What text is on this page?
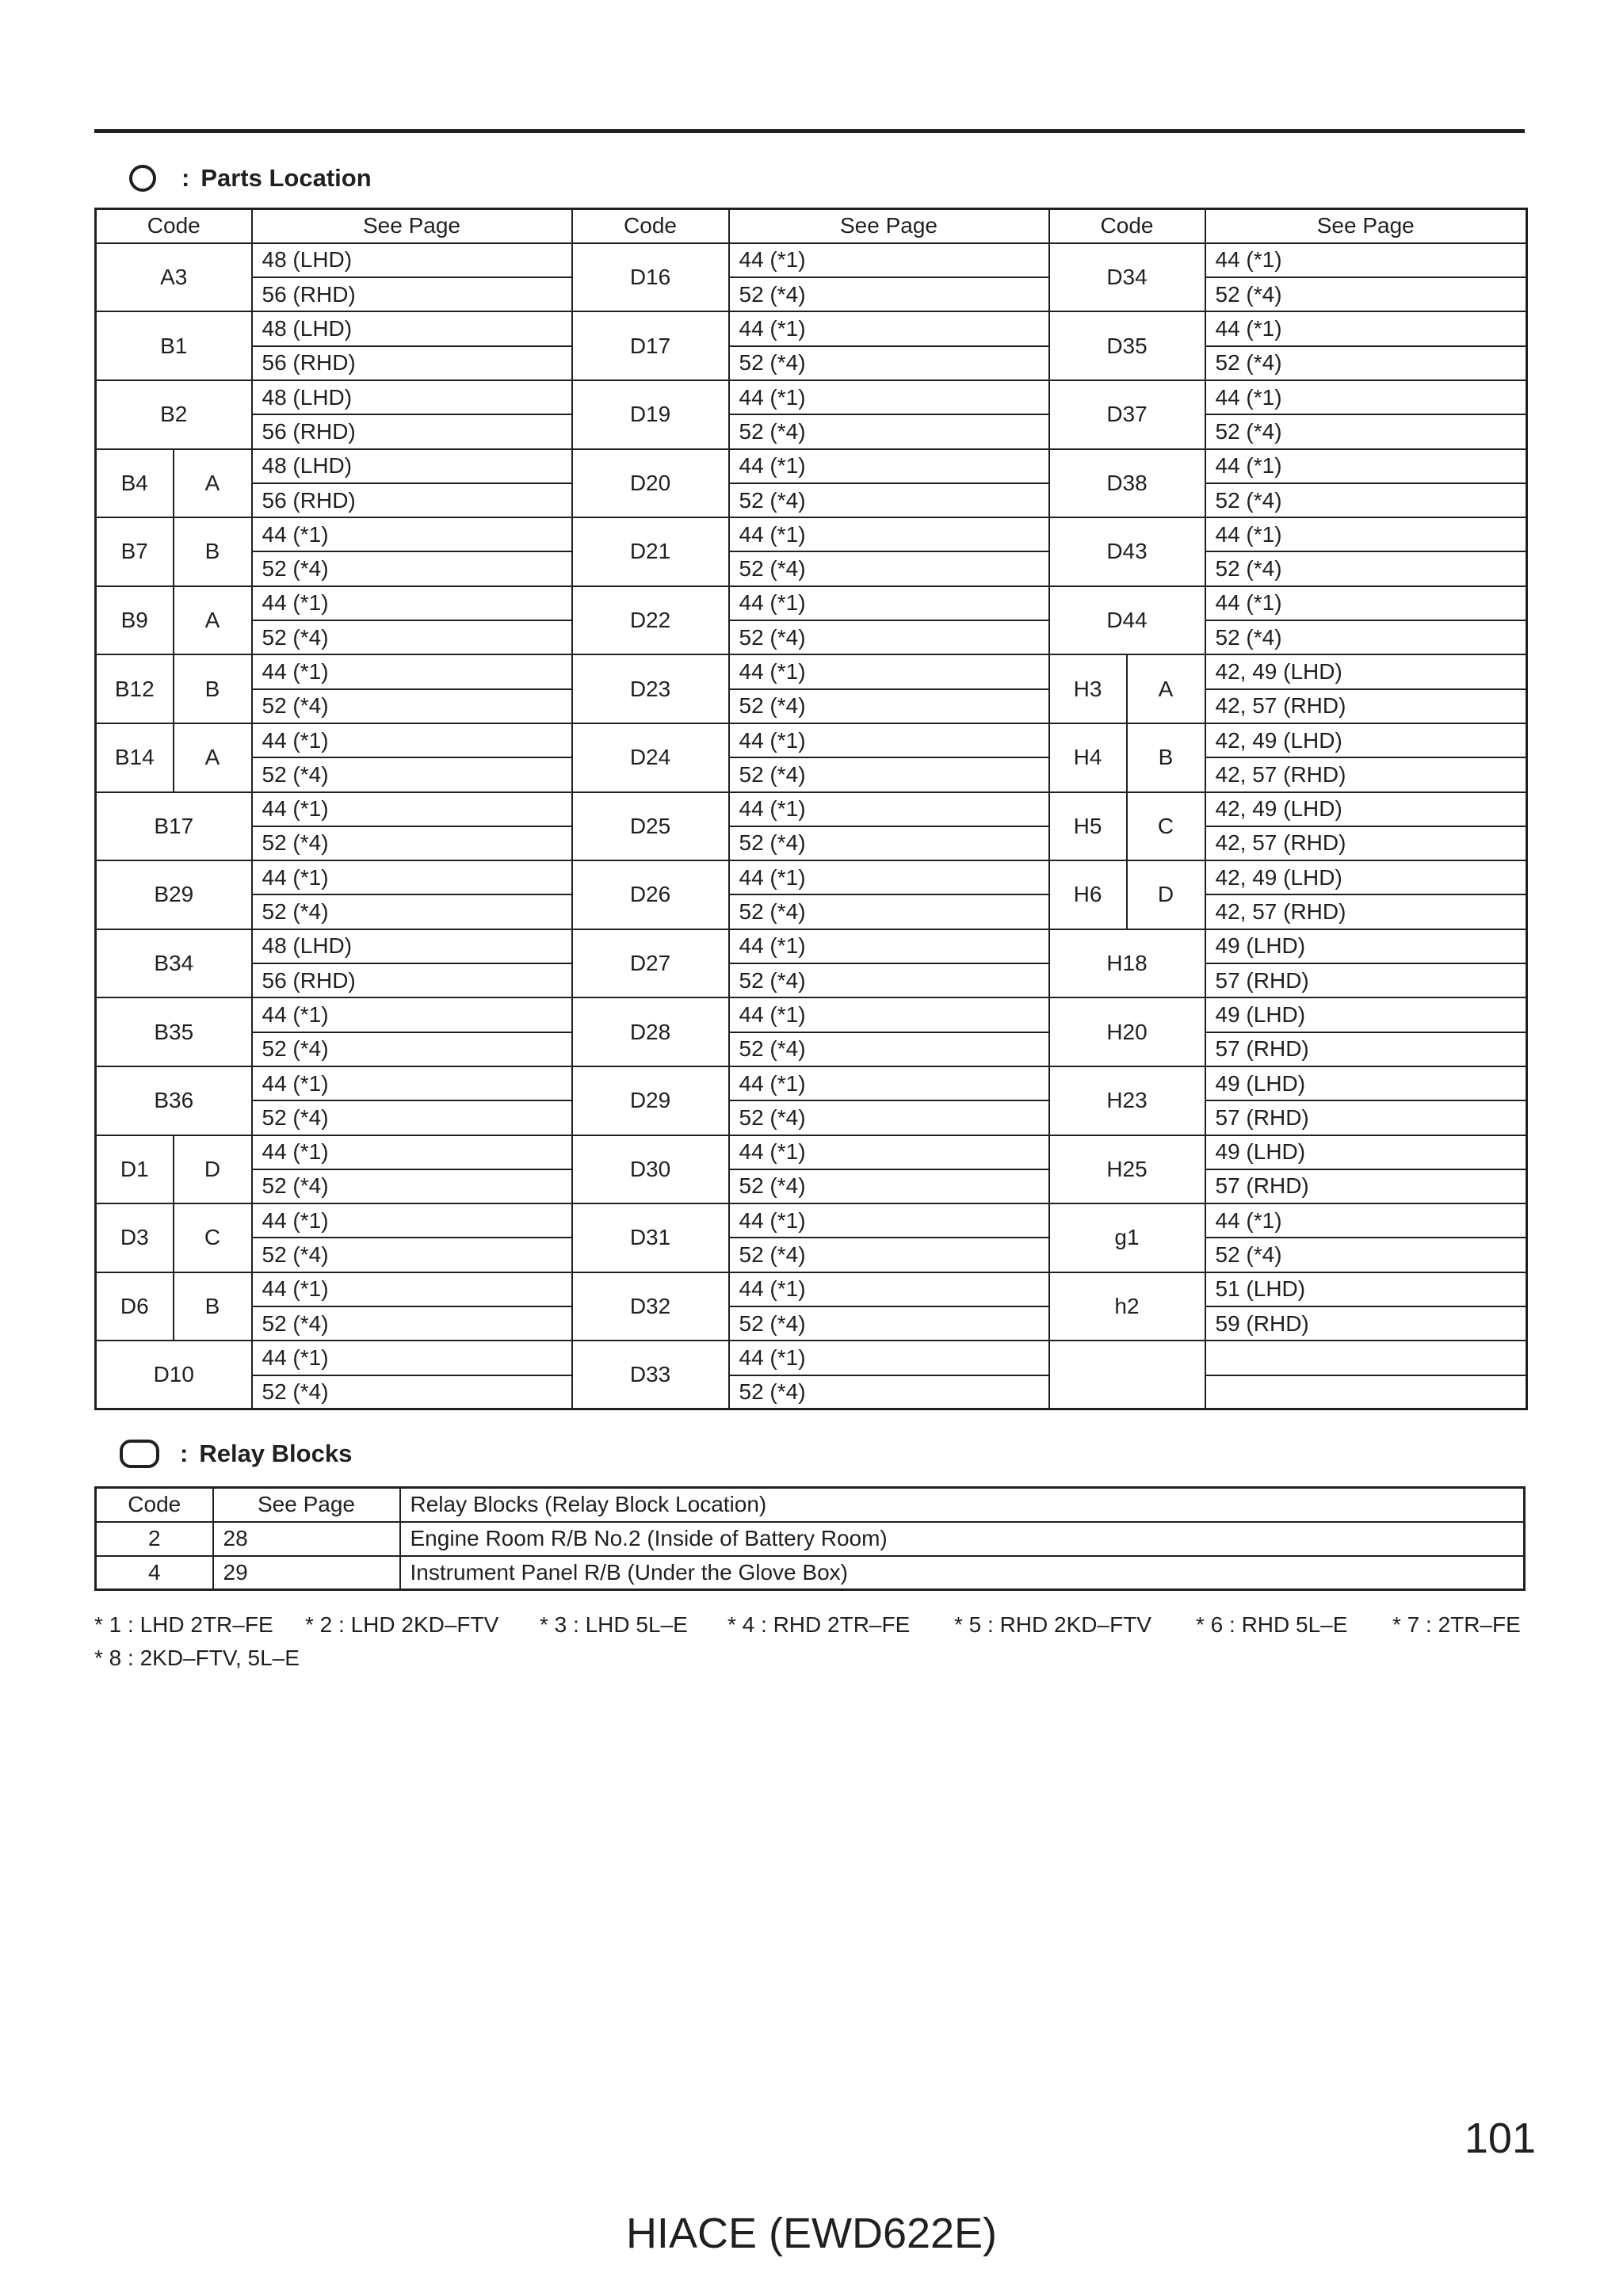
: Parts Location
Code		See Page	Code	See Page	Code		See Page
A3		48 (LHD)	D16	44 (*1)	D34		44 (*1)
		56 (RHD)		52 (*4)			52 (*4)
B1		48 (LHD)	D17	44 (*1)	D35		44 (*1)
		56 (RHD)		52 (*4)			52 (*4)
B2		48 (LHD)	D19	44 (*1)	D37		44 (*1)
		56 (RHD)		52 (*4)			52 (*4)
B4	A	48 (LHD)	D20	44 (*1)	D38		44 (*1)
		56 (RHD)		52 (*4)			52 (*4)
B7	B	44 (*1)	D21	44 (*1)	D43		44 (*1)
		52 (*4)		52 (*4)			52 (*4)
B9	A	44 (*1)	D22	44 (*1)	D44		44 (*1)
		52 (*4)		52 (*4)			52 (*4)
B12	B	44 (*1)	D23	44 (*1)	H3	A	42, 49 (LHD)
		52 (*4)		52 (*4)			42, 57 (RHD)
B14	A	44 (*1)	D24	44 (*1)	H4	B	42, 49 (LHD)
		52 (*4)		52 (*4)			42, 57 (RHD)
B17		44 (*1)	D25	44 (*1)	H5	C	42, 49 (LHD)
		52 (*4)		52 (*4)			42, 57 (RHD)
B29		44 (*1)	D26	44 (*1)	H6	D	42, 49 (LHD)
		52 (*4)		52 (*4)			42, 57 (RHD)
B34		48 (LHD)	D27	44 (*1)	H18		49 (LHD)
		56 (RHD)		52 (*4)			57 (RHD)
B35		44 (*1)	D28	44 (*1)	H20		49 (LHD)
		52 (*4)		52 (*4)			57 (RHD)
B36		44 (*1)	D29	44 (*1)	H23		49 (LHD)
		52 (*4)		52 (*4)			57 (RHD)
D1	D	44 (*1)	D30	44 (*1)	H25		49 (LHD)
		52 (*4)		52 (*4)			57 (RHD)
D3	C	44 (*1)	D31	44 (*1)	g1		44 (*1)
		52 (*4)		52 (*4)			52 (*4)
D6	B	44 (*1)	D32	44 (*1)	h2		51 (LHD)
		52 (*4)		52 (*4)			59 (RHD)
D10		44 (*1)	D33	44 (*1)			
		52 (*4)		52 (*4)			
: Relay Blocks
Code	See Page	Relay Blocks (Relay Block Location)
2	28	Engine Room R/B No.2 (Inside of Battery Room)
4	29	Instrument Panel R/B (Under the Glove Box)
* 1 : LHD 2TR–FE	* 2 : LHD 2KD–FTV	* 3 : LHD 5L–E	* 4 : RHD 2TR–FE	* 5 : RHD 2KD–FTV	* 6 : RHD 5L–E	* 7 : 2TR–FE
* 8 : 2KD–FTV, 5L–E
101
HIACE (EWD622E)
